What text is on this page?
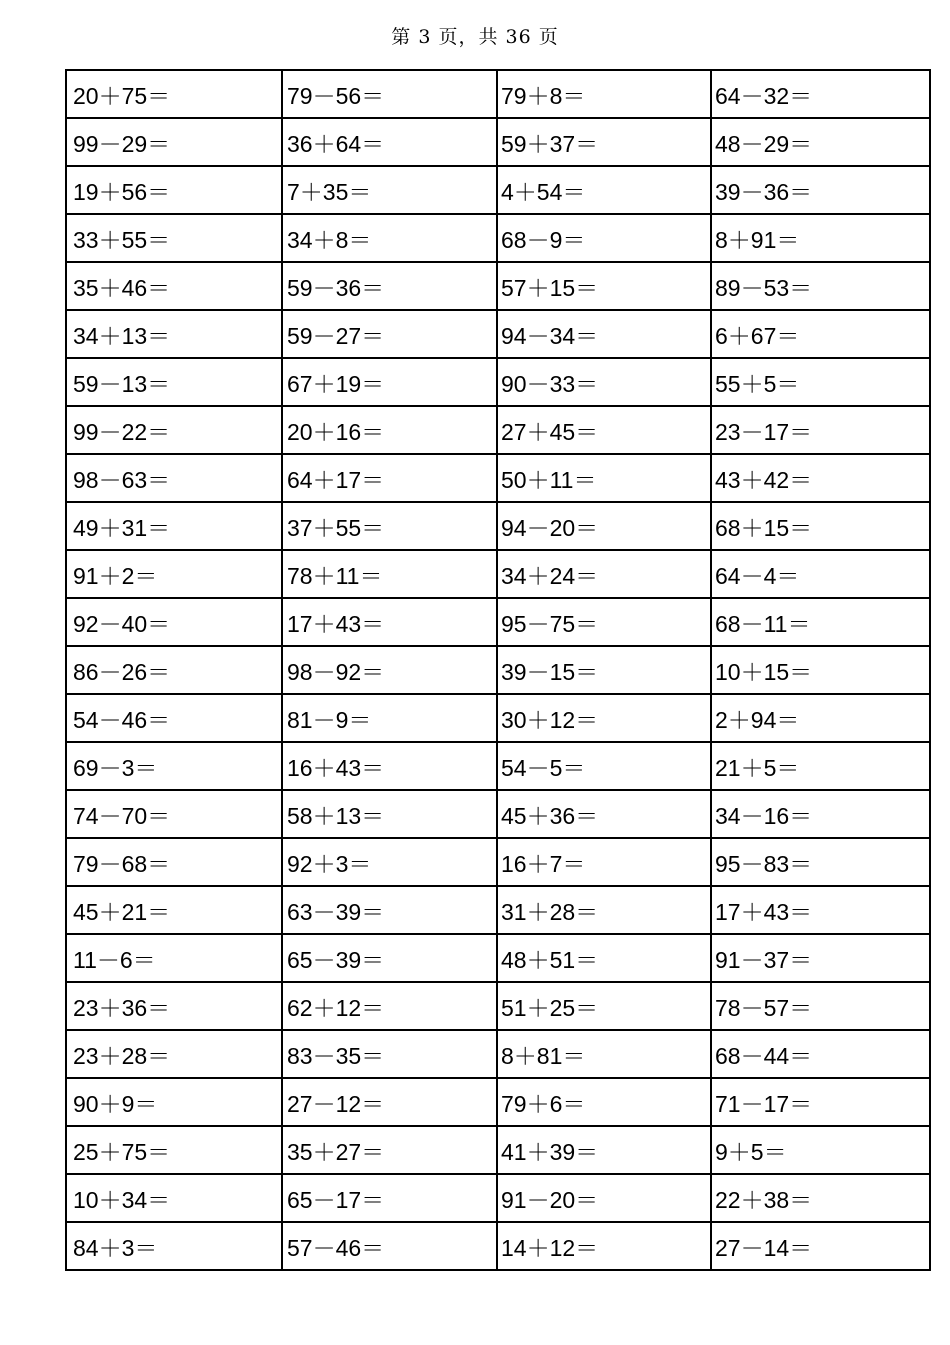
第 3 页，共 36 页
20＋75＝	79－56＝	79＋8＝	64－32＝
99－29＝	36＋64＝	59＋37＝	48－29＝
19＋56＝	7＋35＝	4＋54＝	39－36＝
33＋55＝	34＋8＝	68－9＝	8＋91＝
35＋46＝	59－36＝	57＋15＝	89－53＝
34＋13＝	59－27＝	94－34＝	6＋67＝
59－13＝	67＋19＝	90－33＝	55＋5＝
99－22＝	20＋16＝	27＋45＝	23－17＝
98－63＝	64＋17＝	50＋11＝	43＋42＝
49＋31＝	37＋55＝	94－20＝	68＋15＝
91＋2＝	78＋11＝	34＋24＝	64－4＝
92－40＝	17＋43＝	95－75＝	68－11＝
86－26＝	98－92＝	39－15＝	10＋15＝
54－46＝	81－9＝	30＋12＝	2＋94＝
69－3＝	16＋43＝	54－5＝	21＋5＝
74－70＝	58＋13＝	45＋36＝	34－16＝
79－68＝	92＋3＝	16＋7＝	95－83＝
45＋21＝	63－39＝	31＋28＝	17＋43＝
11－6＝	65－39＝	48＋51＝	91－37＝
23＋36＝	62＋12＝	51＋25＝	78－57＝
23＋28＝	83－35＝	8＋81＝	68－44＝
90＋9＝	27－12＝	79＋6＝	71－17＝
25＋75＝	35＋27＝	41＋39＝	9＋5＝
10＋34＝	65－17＝	91－20＝	22＋38＝
84＋3＝	57－46＝	14＋12＝	27－14＝
